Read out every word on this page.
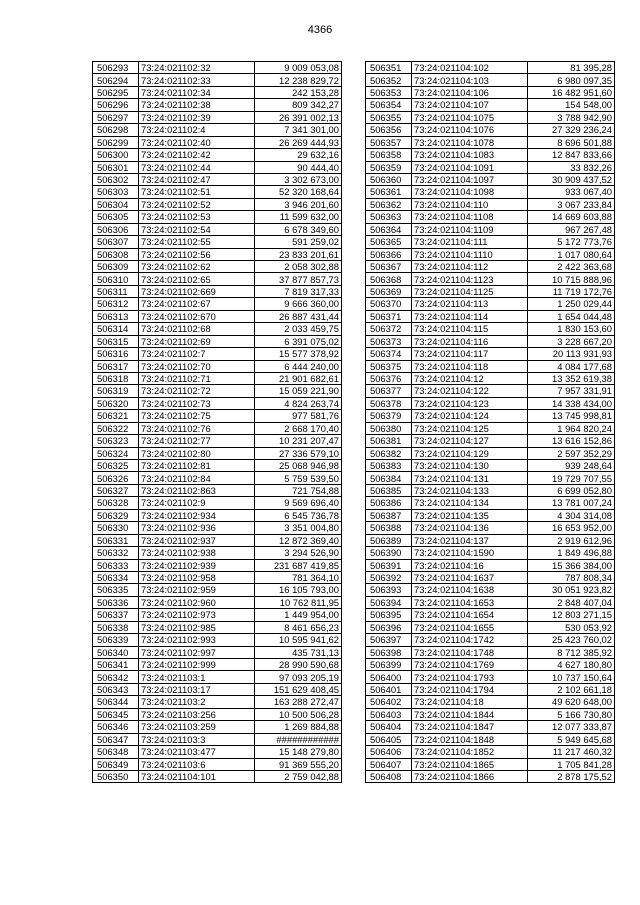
4366
506293	73:24:021102:32	9 009 053,08
506294	73:24:021102:33	12 238 829,72
506295	73:24:021102:34	242 153,28
506296	73:24:021102:38	809 342,27
506297	73:24:021102:39	26 391 002,13
506298	73:24:021102:4	7 341 301,00
506299	73:24:021102:40	26 269 444,93
506300	73:24:021102:42	29 632,16
506301	73:24:021102:44	90 444,40
506302	73:24:021102:47	3 302 673,00
506303	73:24:021102:51	52 320 168,64
506304	73:24:021102:52	3 946 201,60
506305	73:24:021102:53	11 599 632,00
506306	73:24:021102:54	6 678 349,60
506307	73:24:021102:55	591 259,02
506308	73:24:021102:56	23 833 201,61
506309	73:24:021102:62	2 058 302,88
506310	73:24:021102:65	37 877 857,73
506311	73:24:021102:669	7 819 317,33
506312	73:24:021102:67	9 666 360,00
506313	73:24:021102:670	26 887 431,44
506314	73:24:021102:68	2 033 459,75
506315	73:24:021102:69	6 391 075,02
506316	73:24:021102:7	15 577 378,92
506317	73:24:021102:70	6 444 240,00
506318	73:24:021102:71	21 901 682,61
506319	73:24:021102:72	15 059 221,90
506320	73:24:021102:73	4 824 263,74
506321	73:24:021102:75	977 581,76
506322	73:24:021102:76	2 668 170,40
506323	73:24:021102:77	10 231 207,47
506324	73:24:021102:80	27 336 579,10
506325	73:24:021102:81	25 068 946,98
506326	73:24:021102:84	5 759 539,50
506327	73:24:021102:863	721 754,88
506328	73:24:021102:9	9 569 696,40
506329	73:24:021102:934	6 545 736,78
506330	73:24:021102:936	3 351 004,80
506331	73:24:021102:937	12 872 369,40
506332	73:24:021102:938	3 294 526,90
506333	73:24:021102:939	231 687 419,85
506334	73:24:021102:958	781 364,10
506335	73:24:021102:959	16 105 793,00
506336	73:24:021102:960	10 762 811,95
506337	73:24:021102:973	1 449 954,00
506338	73:24:021102:985	8 461 656,23
506339	73:24:021102:993	10 595 941,62
506340	73:24:021102:997	435 731,13
506341	73:24:021102:999	28 990 590,68
506342	73:24:021103:1	97 093 205,19
506343	73:24:021103:17	151 629 408,45
506344	73:24:021103:2	163 288 272,47
506345	73:24:021103:256	10 500 506,28
506346	73:24:021103:259	1 269 884,88
506347	73:24:021103:3	############
506348	73:24:021103:477	15 148 279,80
506349	73:24:021103:6	91 369 555,20
506350	73:24:021104:101	2 759 042,88
506351	73:24:021104:102	81 395,28
506352	73:24:021104:103	6 980 097,35
506353	73:24:021104:106	16 482 951,60
506354	73:24:021104:107	154 548,00
506355	73:24:021104:1075	3 788 942,90
506356	73:24:021104:1076	27 329 236,24
506357	73:24:021104:1078	8 696 501,88
506358	73:24:021104:1083	12 847 833,66
506359	73:24:021104:1091	33 832,26
506360	73:24:021104:1097	30 909 437,52
506361	73:24:021104:1098	933 067,40
506362	73:24:021104:110	3 067 233,84
506363	73:24:021104:1108	14 669 603,88
506364	73:24:021104:1109	967 267,48
506365	73:24:021104:111	5 172 773,76
506366	73:24:021104:1110	1 017 080,64
506367	73:24:021104:112	2 422 363,68
506368	73:24:021104:1123	10 715 888,96
506369	73:24:021104:1125	11 719 172,76
506370	73:24:021104:113	1 250 029,44
506371	73:24:021104:114	1 654 044,48
506372	73:24:021104:115	1 830 153,60
506373	73:24:021104:116	3 228 667,20
506374	73:24:021104:117	20 113 931,93
506375	73:24:021104:118	4 084 177,68
506376	73:24:021104:12	13 352 619,38
506377	73:24:021104:122	7 957 331,91
506378	73:24:021104:123	14 338 434,00
506379	73:24:021104:124	13 745 998,81
506380	73:24:021104:125	1 964 820,24
506381	73:24:021104:127	13 616 152,86
506382	73:24:021104:129	2 597 352,29
506383	73:24:021104:130	939 248,64
506384	73:24:021104:131	19 729 707,55
506385	73:24:021104:133	6 699 052,80
506386	73:24:021104:134	13 781 007,24
506387	73:24:021104:135	4 304 314,08
506388	73:24:021104:136	16 653 952,00
506389	73:24:021104:137	2 919 612,96
506390	73:24:021104:1590	1 849 496,88
506391	73:24:021104:16	15 366 384,00
506392	73:24:021104:1637	787 808,34
506393	73:24:021104:1638	30 051 923,82
506394	73:24:021104:1653	2 848 407,04
506395	73:24:021104:1654	12 803 271,15
506396	73:24:021104:1655	530 053,92
506397	73:24:021104:1742	25 423 760,02
506398	73:24:021104:1748	8 712 385,92
506399	73:24:021104:1769	4 627 180,80
506400	73:24:021104:1793	10 737 150,64
506401	73:24:021104:1794	2 102 661,18
506402	73:24:021104:18	49 620 648,00
506403	73:24:021104:1844	5 166 730,80
506404	73:24:021104:1847	12 077 333,87
506405	73:24:021104:1848	5 949 645,68
506406	73:24:021104:1852	11 217 460,32
506407	73:24:021104:1865	1 705 841,28
506408	73:24:021104:1866	2 878 175,52
